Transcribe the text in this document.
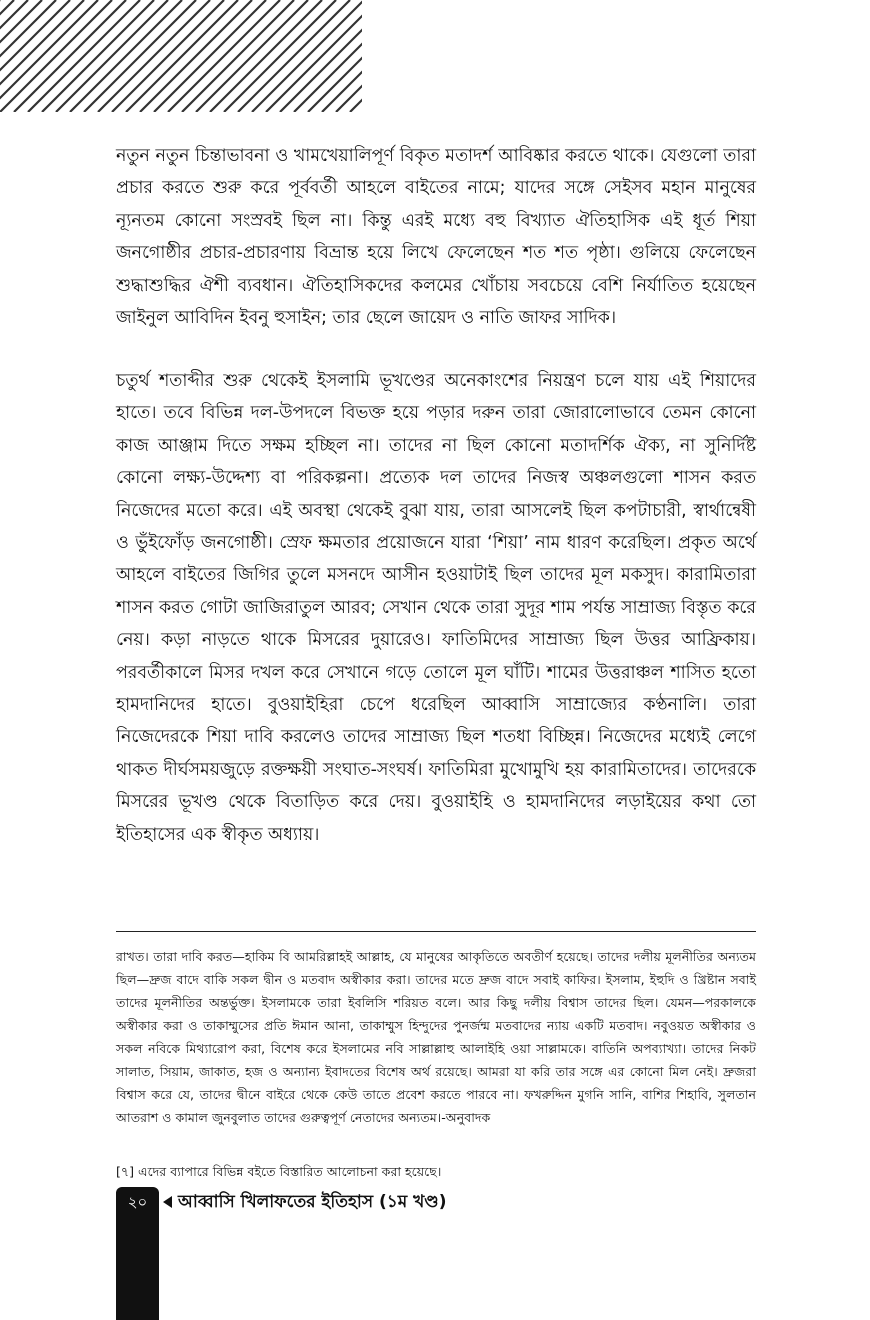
নতুন নতুন চিন্তাভাবনা ও খামখেয়ালিপূর্ণ বিকৃত মতাদর্শ আবিষ্কার করতে থাকে। যেগুলো তারা প্রচার করতে শুরু করে পূর্ববর্তী আহলে বাইতের নামে; যাদের সঙ্গে সেইসব মহান মানুষের ন্যূনতম কোনো সংস্রবই ছিল না। কিন্তু এরই মধ্যে বহু বিখ্যাত ঐতিহাসিক এই ধূর্ত শিয়া জনগোষ্ঠীর প্রচার-প্রচারণায় বিভ্রান্ত হয়ে লিখে ফেলেছেন শত শত পৃষ্ঠা। গুলিয়ে ফেলেছেন শুদ্ধাশুদ্ধির ঐশী ব্যবধান। ঐতিহাসিকদের কলমের খোঁচায় সবচেয়ে বেশি নির্যাতিত হয়েছেন জাইনুল আবিদিন ইবনু হুসাইন; তার ছেলে জায়েদ ও নাতি জাফর সাদিক।

চতুর্থ শতাব্দীর শুরু থেকেই ইসলামি ভূখণ্ডের অনেকাংশের নিয়ন্ত্রণ চলে যায় এই শিয়াদের হাতে। তবে বিভিন্ন দল-উপদলে বিভক্ত হয়ে পড়ার দরুন তারা জোরালোভাবে তেমন কোনো কাজ আঞ্জাম দিতে সক্ষম হচ্ছিল না। তাদের না ছিল কোনো মতাদর্শিক ঐক্য, না সুনির্দিষ্ট কোনো লক্ষ্য-উদ্দেশ্য বা পরিকল্পনা। প্রত্যেক দল তাদের নিজস্ব অঞ্চলগুলো শাসন করত নিজেদের মতো করে। এই অবস্থা থেকেই বুঝা যায়, তারা আসলেই ছিল কপটাচারী, স্বার্থান্বেষী ও ভুঁইফোঁড় জনগোষ্ঠী। স্রেফ ক্ষমতার প্রয়োজনে যারা ‘শিয়া’ নাম ধারণ করেছিল। প্রকৃত অর্থে আহলে বাইতের জিগির তুলে মসনদে আসীন হওয়াটাই ছিল তাদের মূল মকসুদ। কারামিতারা শাসন করত গোটা জাজিরাতুল আরব; সেখান থেকে তারা সুদূর শাম পর্যন্ত সাম্রাজ্য বিস্তৃত করে নেয়। কড়া নাড়তে থাকে মিসরের দুয়ারেও। ফাতিমিদের সাম্রাজ্য ছিল উত্তর আফ্রিকায়। পরবর্তীকালে মিসর দখল করে সেখানে গড়ে তোলে মূল ঘাঁটি। শামের উত্তরাঞ্চল শাসিত হতো হামদানিদের হাতে। বুওয়াইহিরা চেপে ধরেছিল আব্বাসি সাম্রাজ্যের কণ্ঠনালি। তারা নিজেদেরকে শিয়া দাবি করলেও তাদের সাম্রাজ্য ছিল শতধা বিচ্ছিন্ন। নিজেদের মধ্যেই লেগে থাকত দীর্ঘসময়জুড়ে রক্তক্ষয়ী সংঘাত-সংঘর্ষ। ফাতিমিরা মুখোমুখি হয় কারামিতাদের। তাদেরকে মিসরের ভূখণ্ড থেকে বিতাড়িত করে দেয়। বুওয়াইহি ও হামদানিদের লড়াইয়ের কথা তো ইতিহাসের এক স্বীকৃত অধ্যায়।

রাখত। তারা দাবি করত—হাকিম বি আমরিল্লাহই আল্লাহ, যে মানুষের আকৃতিতে অবতীর্ণ হয়েছে। তাদের দলীয় মূলনীতির অন্যতম ছিল—দ্রুজ বাদে বাকি সকল দ্বীন ও মতবাদ অস্বীকার করা। তাদের মতে দ্রুজ বাদে সবাই কাফির। ইসলাম, ইহুদি ও খ্রিষ্টান সবাই তাদের মূলনীতির অন্তর্ভুক্ত। ইসলামকে তারা ইবলিসি শরিয়ত বলে। আর কিছু দলীয় বিশ্বাস তাদের ছিল। যেমন—পরকালকে অস্বীকার করা ও তাকাম্মুসের প্রতি ঈমান আনা, তাকাম্মুস হিন্দুদের পুনর্জন্ম মতবাদের ন্যায় একটি মতবাদ। নবুওয়ত অস্বীকার ও সকল নবিকে মিথ্যারোপ করা, বিশেষ করে ইসলামের নবি সাল্লাল্লাহু আলাইহি ওয়া সাল্লামকে। বাতিনি অপব্যাখ্যা। তাদের নিকট সালাত, সিয়াম, জাকাত, হজ ও অন্যান্য ইবাদতের বিশেষ অর্থ রয়েছে। আমরা যা করি তার সঙ্গে এর কোনো মিল নেই। দ্রুজরা বিশ্বাস করে যে, তাদের দ্বীনে বাইরে থেকে কেউ তাতে প্রবেশ করতে পারবে না। ফখরুদ্দিন মুগনি সানি, বাশির শিহাবি, সুলতান আতরাশ ও কামাল জুনবুলাত তাদের গুরুত্বপূর্ণ নেতাদের অন্যতম।-অনুবাদক

[৭] এদের ব্যাপারে বিভিন্ন বইতে বিস্তারিত আলোচনা করা হয়েছে।

২০	আব্বাসি খিলাফতের ইতিহাস (১ম খণ্ড)
